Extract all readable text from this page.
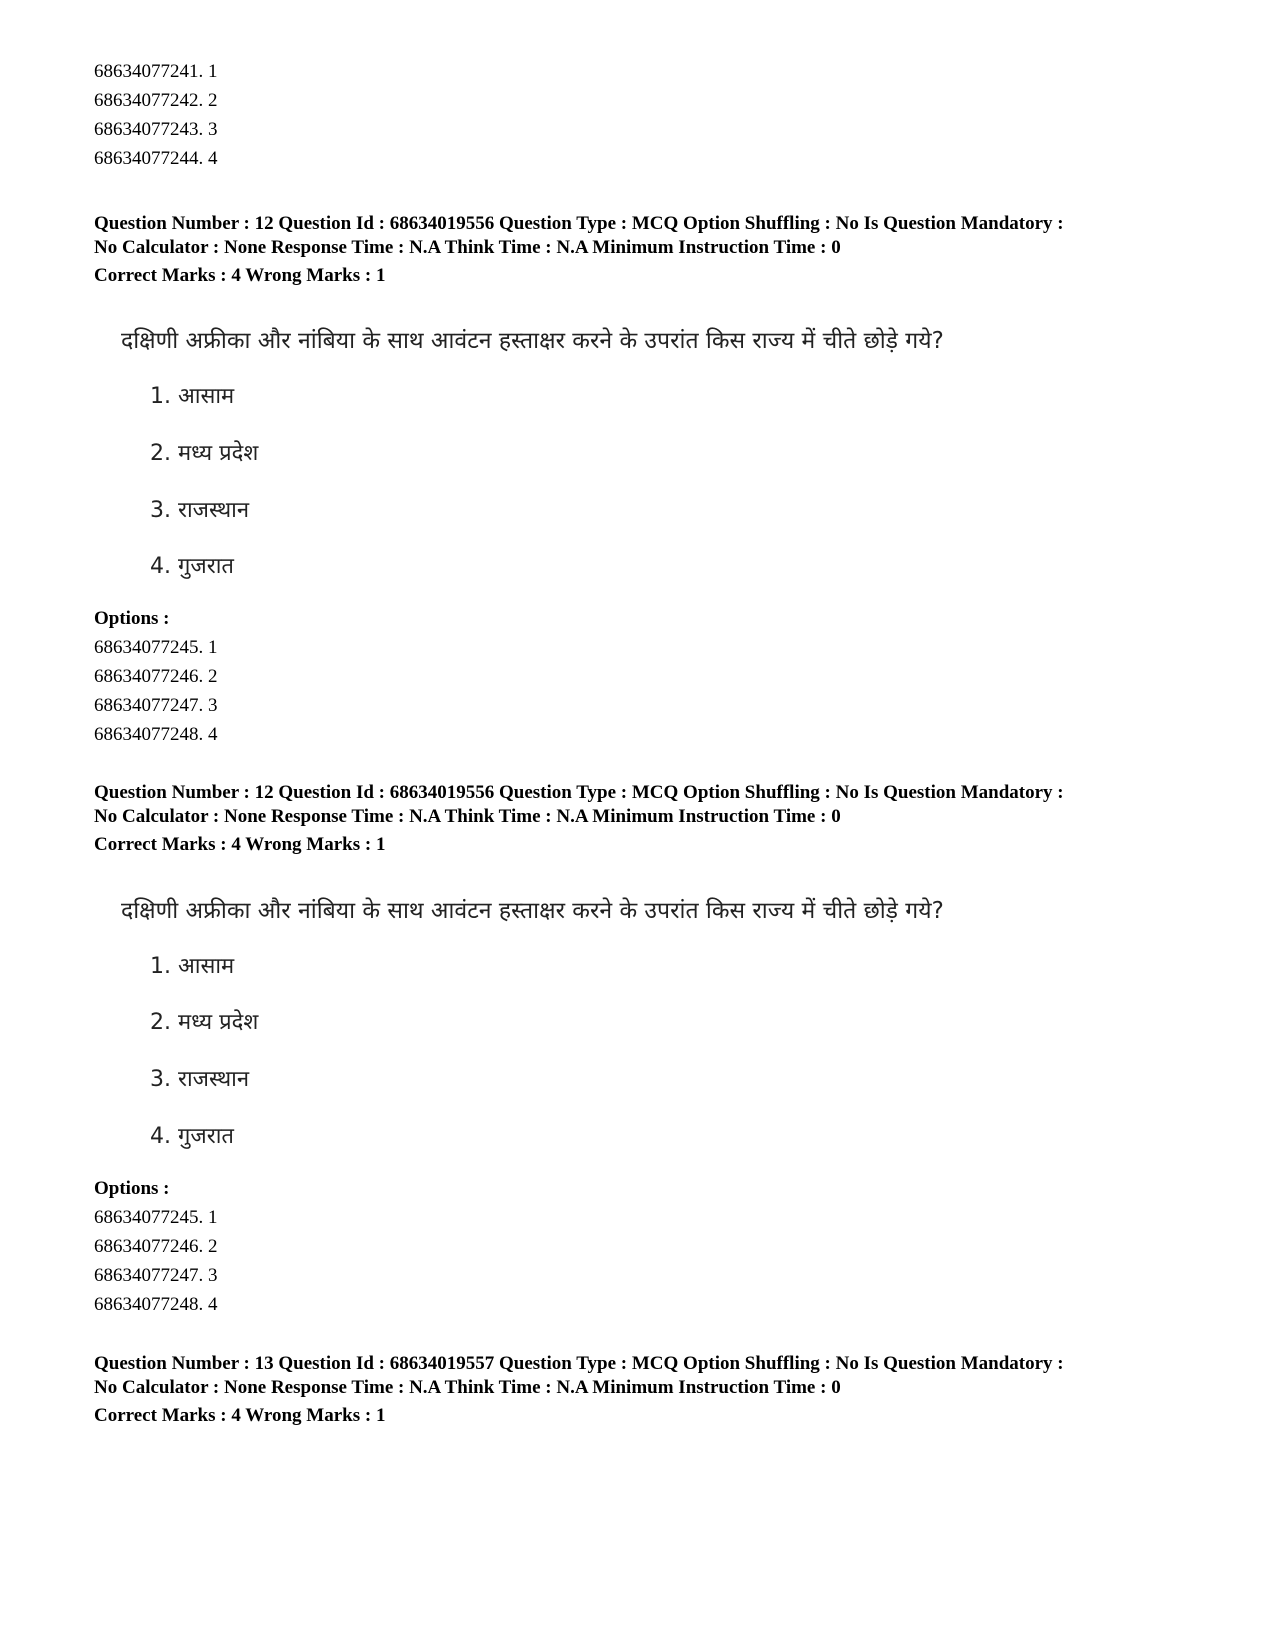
68634077241. 1

68634077242. 2

68634077243. 3

68634077244. 4

Question Number : 12 Question Id : 68634019556 Question Type : MCQ Option Shuffling : No Is Question Mandatory :

No Calculator : None Response Time : N.A Think Time : N.A Minimum Instruction Time : 0

Correct Marks : 4 Wrong Marks : 1

दक्षिणी अफ्रीका और नांबिया के साथ आवंटन हस्ताक्षर करने के उपरांत किस राज्य में चीते छोड़े गये?
1. आसाम
2. मध्य प्रदेश
3. राजस्थान
4. गुजरात

Options :

68634077245. 1

68634077246. 2

68634077247. 3

68634077248. 4

Question Number : 12 Question Id : 68634019556 Question Type : MCQ Option Shuffling : No Is Question Mandatory :

No Calculator : None Response Time : N.A Think Time : N.A Minimum Instruction Time : 0

Correct Marks : 4 Wrong Marks : 1

दक्षिणी अफ्रीका और नांबिया के साथ आवंटन हस्ताक्षर करने के उपरांत किस राज्य में चीते छोड़े गये?
1. आसाम
2. मध्य प्रदेश
3. राजस्थान
4. गुजरात

Options :

68634077245. 1

68634077246. 2

68634077247. 3

68634077248. 4

Question Number : 13 Question Id : 68634019557 Question Type : MCQ Option Shuffling : No Is Question Mandatory :

No Calculator : None Response Time : N.A Think Time : N.A Minimum Instruction Time : 0

Correct Marks : 4 Wrong Marks : 1
